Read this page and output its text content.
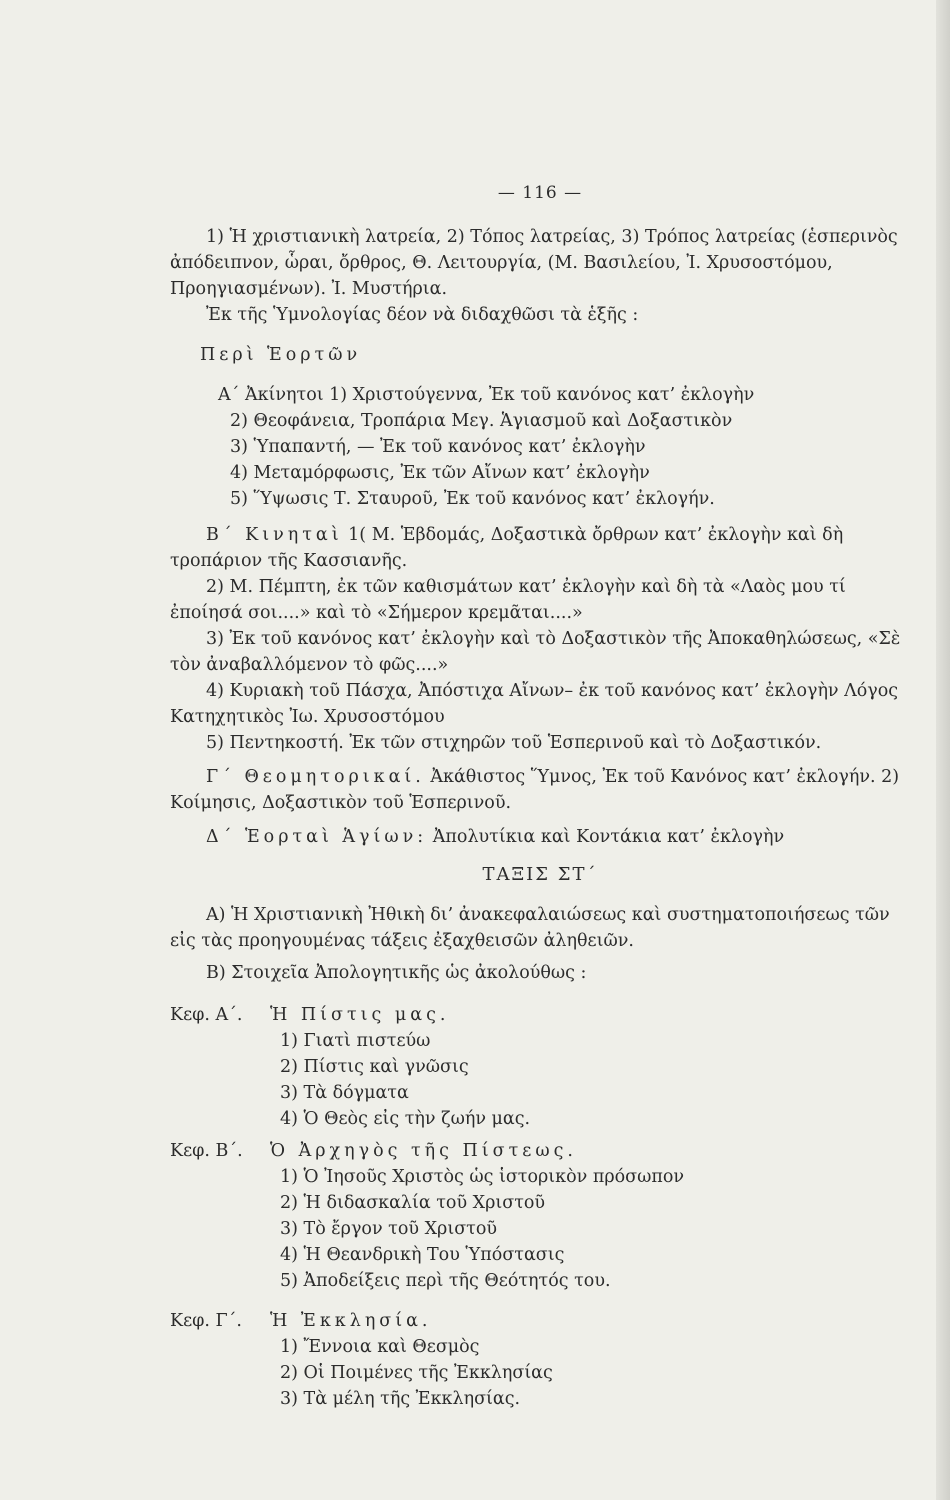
— 116 —

1) Ἡ χριστιανικὴ λατρεία, 2) Τόπος λατρείας, 3) Τρόπος λατρείας (ἑσπερινὸς ἀπόδειπνον, ὧραι, ὄρθρος, Θ. Λειτουργία, (Μ. Βασιλείου, Ἰ. Χρυσοστόμου, Προηγιασμένων). Ἰ. Μυστήρια.

Ἐκ τῆς Ὑμνολογίας δέον νὰ διδαχθῶσι τὰ ἑξῆς :

Περὶ Ἑορτῶν

Α΄ Ἀκίνητοι 1) Χριστούγεννα, Ἐκ τοῦ κανόνος κατ’ ἐκλογὴν

2) Θεοφάνεια, Τροπάρια Μεγ. Ἁγιασμοῦ καὶ Δοξαστικὸν

3) Ὑπαπαντή, — Ἐκ τοῦ κανόνος κατ’ ἐκλογὴν

4) Μεταμόρφωσις, Ἐκ τῶν Αἴνων κατ’ ἐκλογὴν

5) Ὕψωσις Τ. Σταυροῦ, Ἐκ τοῦ κανόνος κατ’ ἐκλογήν.

Β΄ Κινηταὶ 1( Μ. Ἑβδομάς, Δοξαστικὰ ὄρθρων κατ’ ἐκλογὴν καὶ δὴ τροπάριον τῆς Κασσιανῆς.

2) Μ. Πέμπτη, ἐκ τῶν καθισμάτων κατ’ ἐκλογὴν καὶ δὴ τὰ «Λαὸς μου τί ἐποίησά σοι....» καὶ τὸ «Σήμερον κρεμᾶται....»

3) Ἐκ τοῦ κανόνος κατ’ ἐκλογὴν καὶ τὸ Δοξαστικὸν τῆς Ἀποκαθηλώσεως, «Σὲ τὸν ἀναβαλλόμενον τὸ φῶς....»

4) Κυριακὴ τοῦ Πάσχα, Ἀπόστιχα Αἴνων– ἐκ τοῦ κανόνος κατ’ ἐκλογὴν Λόγος Κατηχητικὸς Ἰω. Χρυσοστόμου

5) Πεντηκοστή. Ἐκ τῶν στιχηρῶν τοῦ Ἑσπερινοῦ καὶ τὸ Δοξαστικόν.

Γ΄ Θεομητορικαί. Ἀκάθιστος Ὕμνος, Ἐκ τοῦ Κανόνος κατ’ ἐκλογήν. 2) Κοίμησις, Δοξαστικὸν τοῦ Ἑσπερινοῦ.

Δ΄ Ἑορταὶ Ἁγίων: Ἀπολυτίκια καὶ Κοντάκια κατ’ ἐκλογὴν

ΤΑΞΙΣ ΣΤ΄

Α) Ἡ Χριστιανικὴ Ἠθικὴ δι’ ἀνακεφαλαιώσεως καὶ συστηματοποιήσεως τῶν εἰς τὰς προηγουμένας τάξεις ἐξαχθεισῶν ἀληθειῶν.

Β) Στοιχεῖα Ἀπολογητικῆς ὡς ἀκολούθως :

Κεφ. Α΄.	Ἡ Πίστις μας.

1) Γιατὶ πιστεύω

2) Πίστις καὶ γνῶσις

3) Τὰ δόγματα

4) Ὁ Θεὸς εἰς τὴν ζωήν μας.

Κεφ. Β΄.	Ὁ Ἀρχηγὸς τῆς Πίστεως.

1) Ὁ Ἰησοῦς Χριστὸς ὡς ἱστορικὸν πρόσωπον

2) Ἡ διδασκαλία τοῦ Χριστοῦ

3) Τὸ ἔργον τοῦ Χριστοῦ

4) Ἡ Θεανδρικὴ Του Ὑπόστασις

5) Ἀποδείξεις περὶ τῆς Θεότητός του.

Κεφ. Γ΄.	Ἡ Ἐκκλησία.

1) Ἔννοια καὶ Θεσμὸς

2) Οἱ Ποιμένες τῆς Ἐκκλησίας

3) Τὰ μέλη τῆς Ἐκκλησίας.
